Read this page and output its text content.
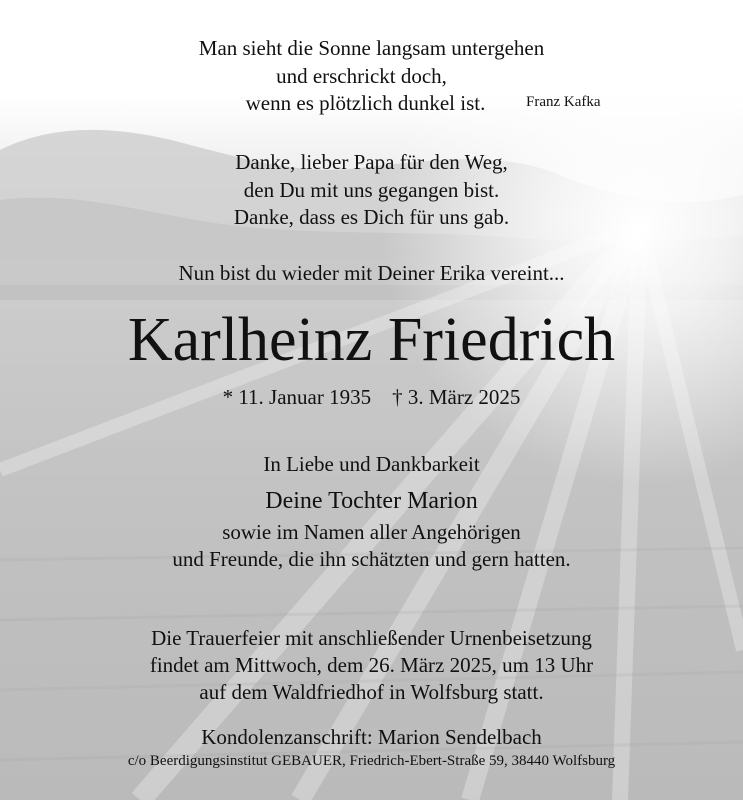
Man sieht die Sonne langsam untergehen
und erschrickt doch,
wenn es plötzlich dunkel ist.	Franz Kafka
Danke, lieber Papa für den Weg,
den Du mit uns gegangen bist.
Danke, dass es Dich für uns gab.
Nun bist du wieder mit Deiner Erika vereint...
Karlheinz Friedrich
* 11. Januar 1935 † 3. März 2025
In Liebe und Dankbarkeit
Deine Tochter Marion
sowie im Namen aller Angehörigen
und Freunde, die ihn schätzten und gern hatten.
Die Trauerfeier mit anschließender Urnenbeisetzung
findet am Mittwoch, dem 26. März 2025, um 13 Uhr
auf dem Waldfriedhof in Wolfsburg statt.
Kondolenzanschrift: Marion Sendelbach
c/o Beerdigungsinstitut GEBAUER, Friedrich-Ebert-Straße 59, 38440 Wolfsburg
